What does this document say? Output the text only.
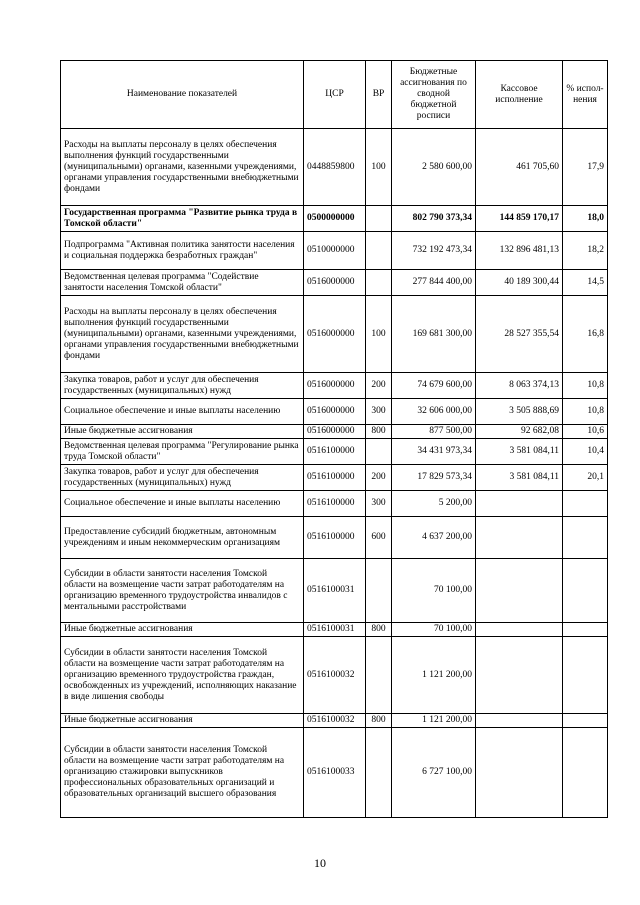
Наименование показателей	ЦСР	ВР	Бюджетные ассигнования по сводной бюджетной росписи	Кассовое исполнение	% испол-нения
Расходы на выплаты персоналу в целях обеспечения выполнения функций государственными (муниципальными) органами, казенными учреждениями, органами управления государственными внебюджетными фондами	0448859800	100	2 580 600,00	461 705,60	17,9
Государственная программа "Развитие рынка труда в Томской области"	0500000000		802 790 373,34	144 859 170,17	18,0
Подпрограмма "Активная политика занятости населения и социальная поддержка безработных граждан"	0510000000		732 192 473,34	132 896 481,13	18,2
Ведомственная целевая программа "Содействие занятости населения Томской области"	0516000000		277 844 400,00	40 189 300,44	14,5
Расходы на выплаты персоналу в целях обеспечения выполнения функций государственными (муниципальными) органами, казенными учреждениями, органами управления государственными внебюджетными фондами	0516000000	100	169 681 300,00	28 527 355,54	16,8
Закупка товаров, работ и услуг для обеспечения государственных (муниципальных) нужд	0516000000	200	74 679 600,00	8 063 374,13	10,8
Социальное обеспечение и иные выплаты населению	0516000000	300	32 606 000,00	3 505 888,69	10,8
Иные бюджетные ассигнования	0516000000	800	877 500,00	92 682,08	10,6
Ведомственная целевая программа "Регулирование рынка труда Томской области"	0516100000		34 431 973,34	3 581 084,11	10,4
Закупка товаров, работ и услуг для обеспечения государственных (муниципальных) нужд	0516100000	200	17 829 573,34	3 581 084,11	20,1
Социальное обеспечение и иные выплаты населению	0516100000	300	5 200,00		
Предоставление субсидий бюджетным, автономным учреждениям и иным некоммерческим организациям	0516100000	600	4 637 200,00		
Субсидии в области занятости населения Томской области на возмещение части затрат работодателям на организацию временного трудоустройства инвалидов с ментальными расстройствами	0516100031		70 100,00		
Иные бюджетные ассигнования	0516100031	800	70 100,00		
Субсидии в области занятости населения Томской области на возмещение части затрат работодателям на организацию временного трудоустройства граждан, освобожденных из учреждений, исполняющих наказание в виде лишения свободы	0516100032		1 121 200,00		
Иные бюджетные ассигнования	0516100032	800	1 121 200,00		
Субсидии в области занятости населения Томской области на возмещение части затрат работодателям на организацию стажировки выпускников профессиональных образовательных организаций и образовательных организаций высшего образования	0516100033		6 727 100,00		
10
